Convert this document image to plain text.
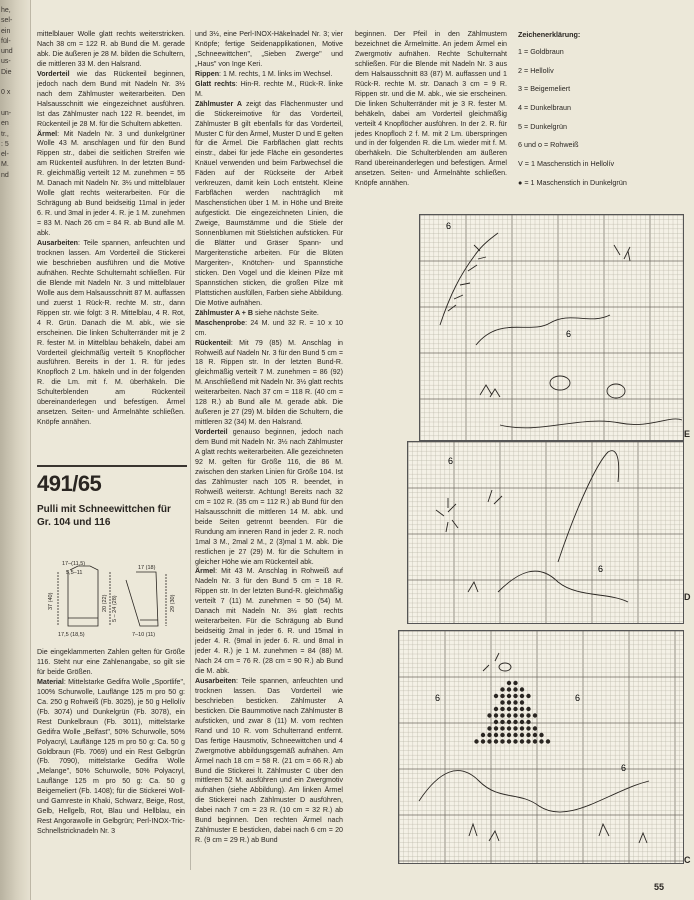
he,
sel-
ein
fül-
und
us-
Die

0 x

un-
en
tr.,
: 5
el-
M.
nd

mittelblauer Wolle glatt rechts weiterstricken. Nach 38 cm = 122 R. ab Bund die M. gerade abk. Die äußeren je 28 M. bilden die Schultern, die mittleren 33 M. den Halsrand.

Vorderteil wie das Rückenteil beginnen, jedoch nach dem Bund mit Nadeln Nr. 3½ nach dem Zählmuster weiterarbeiten. Den Halsausschnitt wie eingezeichnet ausführen. Ist das Zählmuster nach 122 R. beendet, im Rückenteil je 28 M. für die Schultern abketten.

Ärmel: Mit Nadeln Nr. 3 und dunkelgrüner Wolle 43 M. anschlagen und für den Bund Rippen str., dabei die seitlichen Streifen wie am Rückenteil ausführen. In der letzten Bund-R. gleichmäßig verteilt 12 M. zunehmen = 55 M. Danach mit Nadeln Nr. 3½ und mittelblauer Wolle glatt rechts weiterarbeiten. Für die Schrägung ab Bund beidseitig 11mal in jeder 6. R. und 3mal in jeder 4. R. je 1 M. zunehmen = 83 M. Nach 26 cm = 84 R. ab Bund alle M. abk.

Ausarbeiten: Teile spannen, anfeuchten und trocknen lassen. Am Vorderteil die Stickerei wie beschrieben ausführen und die Motive aufnähen. Rechte Schulternaht schließen. Für die Blende mit Nadeln Nr. 3 und mittelblauer Wolle aus dem Halsausschnitt 87 M. auffassen und zuerst 1 Rück-R. rechte M. str., dann Rippen str. wie folgt: 3 R. Mittelblau, 4 R. Rot, 4 R. Grün. Danach die M. abk., wie sie erscheinen. Die linken Schulterränder mit je 2 R. fester M. in Mittelblau behäkeln, dabei am Vorderteil gleichmäßig verteilt 5 Knopflöcher ausführen. Bereits in der 1. R. für jedes Knopfloch 2 Lm. häkeln und in der folgenden R. die Lm. mit f. M. überhäkeln. Die Schulterblenden am Rückenteil übereinanderlegen und befestigen. Ärmel ansetzen. Seiten- und Ärmelnähte schließen. Knöpfe annähen.

491/65
Pulli mit Schneewittchen für Gr. 104 und 116
17–(11,5)
5,5–11
37 (40)	20 (22) 5 – 24 (28)
17,5 (18,5)
17 (18)
29 (30)
7–10 (11)

Die eingeklammerten Zahlen gelten für Größe 116. Steht nur eine Zahlenangabe, so gilt sie für beide Größen.

Material: Mittelstarke Gedifra Wolle „Sportlife", 100% Schurwolle, Lauflänge 125 m pro 50 g: Ca. 250 g Rohweiß (Fb. 3025), je 50 g Hellolív (Fb. 3074) und Dunkelgrün (Fb. 3078), ein Rest Dunkelbraun (Fb. 3011), mittelstarke Gedifra Wolle „Belfast", 50% Schurwolle, 50% Polyacryl, Lauflänge 125 m pro 50 g: Ca. 50 g Goldbraun (Fb. 7069) und ein Rest Gelbgrün (Fb. 7090), mittelstarke Gedifra Wolle „Melange", 50% Schurwolle, 50% Polyacryl, Lauflänge 125 m pro 50 g: Ca. 50 g Beigemeliert (Fb. 1408); für die Stickerei Woll- und Garnreste in Khaki, Schwarz, Beige, Rost, Gelb, Hellgelb, Rot, Blau und Hellblau, ein Rest Angorawolle in Gelbgrün; Perl-INOX-Tric-Schnellstricknadeln Nr. 3

und 3½, eine Perl-INOX-Häkelnadel Nr. 3; vier Knöpfe; fertige Seidenapplikationen, Motive „Schneewittchen", „Sieben Zwerge" und „Haus" von Inge Keri.

Rippen: 1 M. rechts, 1 M. links im Wechsel.

Glatt rechts: Hin-R. rechte M., Rück-R. linke M.

Zählmuster A zeigt das Flächenmuster und die Stickereimotive für das Vorderteil, Zählmuster B gilt ebenfalls für das Vorderteil, Muster C für den Ärmel, Muster D und E gelten für die Ärmel. Die Farbflächen glatt rechts einstr., dabei für jede Fläche ein gesondertes Knäuel verwenden und beim Farbwechsel die Fäden auf der Rückseite der Arbeit verkreuzen, damit kein Loch entsteht. Kleine Farbflächen werden nachträglich mit Maschenstichen über 1 M. in Höhe und Breite aufgestickt. Die eingezeichneten Linien, die Zweige, Baumstämme und die Stiele der Sonnenblumen mit Stielstichen aufsticken. Für die Blätter und Gräser Spann- und Margeritenstiche arbeiten. Für die Blüten Margeriten-, Knötchen- und Spannstiche sticken. Den Vogel und die kleinen Pilze mit Spannstichen sticken, die großen Pilze mit Plattstichen ausfüllen, Farben siehe Abbildung. Die Motive aufnähen.

Zählmuster A + B siehe nächste Seite.

Maschenprobe: 24 M. und 32 R. = 10 x 10 cm.

Rückenteil: Mit 79 (85) M. Anschlag in Rohweiß auf Nadeln Nr. 3 für den Bund 5 cm = 18 R. Rippen str. In der letzten Bund-R. gleichmäßig verteilt 7 M. zunehmen = 86 (92) M. Anschließend mit Nadeln Nr. 3½ glatt rechts weiterarbeiten. Nach 37 cm = 118 R. (40 cm = 128 R.) ab Bund alle M. gerade abk. Die äußeren je 27 (29) M. bilden die Schultern, die mittleren 32 (34) M. den Halsrand.

Vorderteil genauso beginnen, jedoch nach dem Bund mit Nadeln Nr. 3½ nach Zählmuster A glatt rechts weiterarbeiten. Alle gezeichneten 92 M. gelten für Größe 116, die 86 M. zwischen den starken Linien für Größe 104. Ist das Zählmuster nach 105 R. beendet, in Rohweiß weiterstr. Achtung! Bereits nach 32 cm = 102 R. (35 cm = 112 R.) ab Bund für den Halsausschnitt die mittleren 14 M. abk. und beide Seiten getrennt beenden. Für die Rundung am inneren Rand in jeder 2. R. noch 1mal 3 M., 2mal 2 M., 2 (3)mal 1 M. abk. Die restlichen je 27 (29) M. für die Schultern in gleicher Höhe wie am Rückenteil abk.

Ärmel: Mit 43 M. Anschlag in Rohweiß auf Nadeln Nr. 3 für den Bund 5 cm = 18 R. Rippen str. In der letzten Bund-R. gleichmäßig verteilt 7 (11) M. zunehmen = 50 (54) M. Danach mit Nadeln Nr. 3½ glatt rechts weiterarbeiten. Für die Schrägung ab Bund beidseitig 2mal in jeder 6. R. und 15mal in jeder 4. R. (9mal in jeder 6. R. und 8mal in jeder 4. R.) je 1 M. zunehmen = 84 (88) M. Nach 24 cm = 76 R. (28 cm = 90 R.) ab Bund die M. abk.

Ausarbeiten: Teile spannen, anfeuchten und trocknen lassen. Das Vorderteil wie beschrieben besticken. Zählmuster A besticken. Die Baummotive nach Zählmuster B aufsticken, und zwar 8 (11) M. vom rechten Rand und 10 R. vom Schulterrand entfernt. Das fertige Hausmotiv, Schneewittchen und 4 Zwergmotive abbildungsgemäß aufnähen. Am Ärmel nach 18 cm = 58 R. (21 cm = 66 R.) ab Bund die Stickerei lt. Zählmuster C über den mittleren 52 M. ausführen und ein Zwergmotiv aufnähen (siehe Abbildung). Am linken Ärmel die Stickerei nach Zählmuster D ausführen, dabei nach 7 cm = 23 R. (10 cm = 32 R.) ab Bund beginnen. Den rechten Ärmel nach Zählmuster E besticken, dabei nach 6 cm = 20 R. (9 cm = 29 R.) ab Bund

beginnen. Der Pfeil in den Zählmustern bezeichnet die Ärmelmitte. An jedem Ärmel ein Zwergmotiv aufnähen. Rechte Schulternaht schließen. Für die Blende mit Nadeln Nr. 3 aus dem Halsausschnitt 83 (87) M. auffassen und 1 Rück-R. rechte M. str. Danach 3 cm = 9 R. Rippen str. und die M. abk., wie sie erscheinen. Die linken Schulterränder mit je 3 R. fester M. behäkeln, dabei am Vorderteil gleichmäßig verteilt 4 Knopflöcher ausführen. In der 2. R. für jedes Knopfloch 2 f. M. mit 2 Lm. überspringen und in der folgenden R. die Lm. wieder mit f. M. überhäkeln. Die Schulterblenden am äußeren Rand übereinanderlegen und befestigen. Ärmel ansetzen. Seiten- und Ärmelnähte schließen. Knöpfe annähen.

Zeichenerklärung:
1 = Goldbraun
2 = Hellolív
3 = Beigemeliert
4 = Dunkelbraun
5 = Dunkelgrün
6 und o = Rohweiß
V = 1 Maschenstich in Hellolív
● = 1 Maschenstich in Dunkelgrün
6
6
E
6
6
D
6	6
6
C
55
